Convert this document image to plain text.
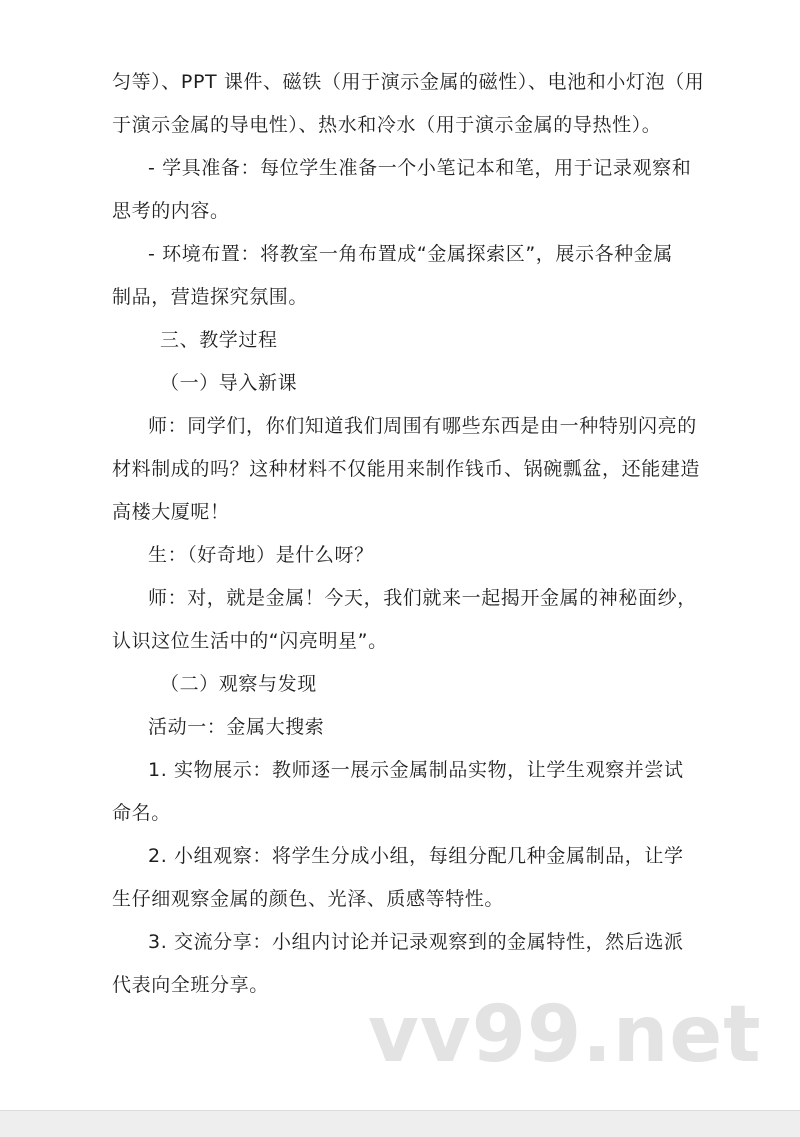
匀等）、PPT 课件、磁铁（用于演示金属的磁性）、电池和小灯泡（用
于演示金属的导电性）、热水和冷水（用于演示金属的导热性）。
- 学具准备：每位学生准备一个小笔记本和笔，用于记录观察和
思考的内容。
- 环境布置：将教室一角布置成“金属探索区”，展示各种金属
制品，营造探究氛围。
三、教学过程
（一）导入新课
师：同学们，你们知道我们周围有哪些东西是由一种特别闪亮的
材料制成的吗？这种材料不仅能用来制作钱币、锅碗瓢盆，还能建造
高楼大厦呢！
生：（好奇地）是什么呀？
师：对，就是金属！今天，我们就来一起揭开金属的神秘面纱，
认识这位生活中的“闪亮明星”。
（二）观察与发现
活动一：金属大搜索
1. 实物展示：教师逐一展示金属制品实物，让学生观察并尝试
命名。
2. 小组观察：将学生分成小组，每组分配几种金属制品，让学
生仔细观察金属的颜色、光泽、质感等特性。
3. 交流分享：小组内讨论并记录观察到的金属特性，然后选派
代表向全班分享。
vv99.net
